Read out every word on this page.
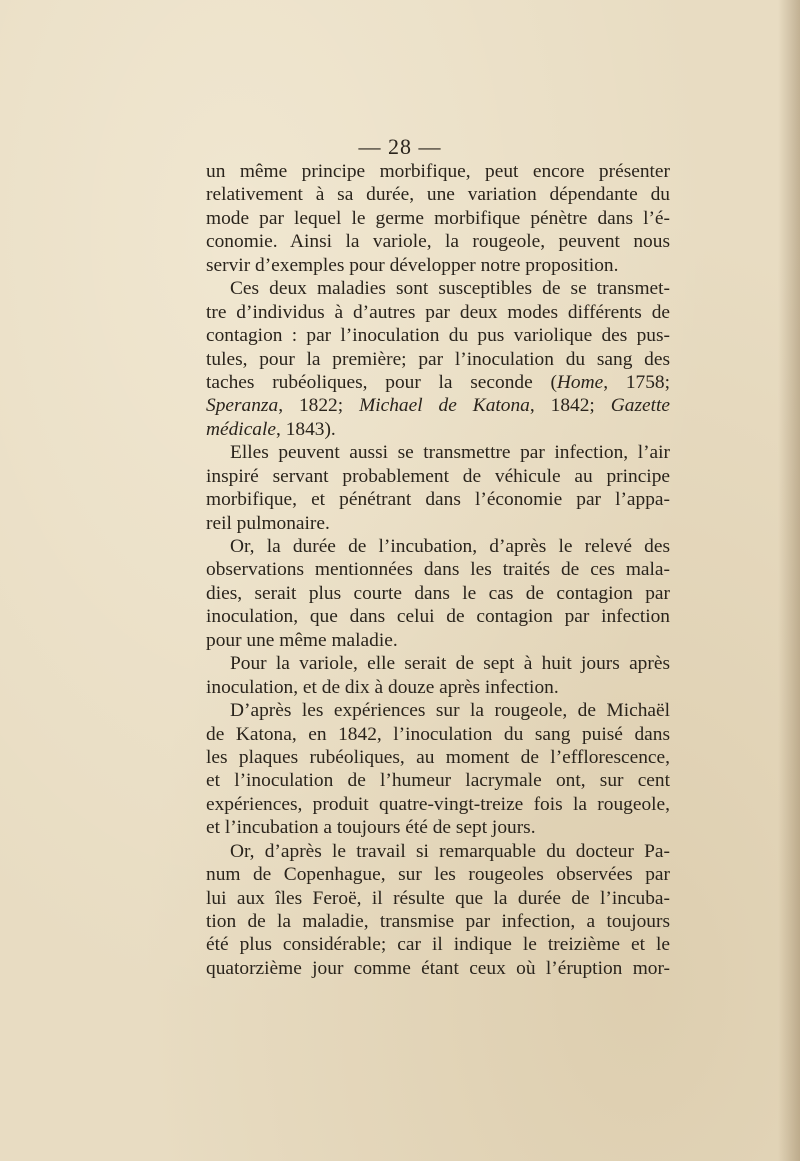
— 28 —
un même principe morbifique, peut encore présenter
relativement à sa durée, une variation dépendante du
mode par lequel le germe morbifique pénètre dans l’é-
conomie. Ainsi la variole, la rougeole, peuvent nous
servir d’exemples pour développer notre proposition.
Ces deux maladies sont susceptibles de se transmet-
tre d’individus à d’autres par deux modes différents de
contagion : par l’inoculation du pus variolique des pus-
tules, pour la première; par l’inoculation du sang des
taches rubéoliques, pour la seconde (Home, 1758;
Speranza, 1822; Michael de Katona, 1842; Gazette
médicale, 1843).
Elles peuvent aussi se transmettre par infection, l’air
inspiré servant probablement de véhicule au principe
morbifique, et pénétrant dans l’économie par l’appa-
reil pulmonaire.
Or, la durée de l’incubation, d’après le relevé des
observations mentionnées dans les traités de ces mala-
dies, serait plus courte dans le cas de contagion par
inoculation, que dans celui de contagion par infection
pour une même maladie.
Pour la variole, elle serait de sept à huit jours après
inoculation, et de dix à douze après infection.
D’après les expériences sur la rougeole, de Michaël
de Katona, en 1842, l’inoculation du sang puisé dans
les plaques rubéoliques, au moment de l’efflorescence,
et l’inoculation de l’humeur lacrymale ont, sur cent
expériences, produit quatre-vingt-treize fois la rougeole,
et l’incubation a toujours été de sept jours.
Or, d’après le travail si remarquable du docteur Pa-
num de Copenhague, sur les rougeoles observées par
lui aux îles Feroë, il résulte que la durée de l’incuba-
tion de la maladie, transmise par infection, a toujours
été plus considérable; car il indique le treizième et le
quatorzième jour comme étant ceux où l’éruption mor-
